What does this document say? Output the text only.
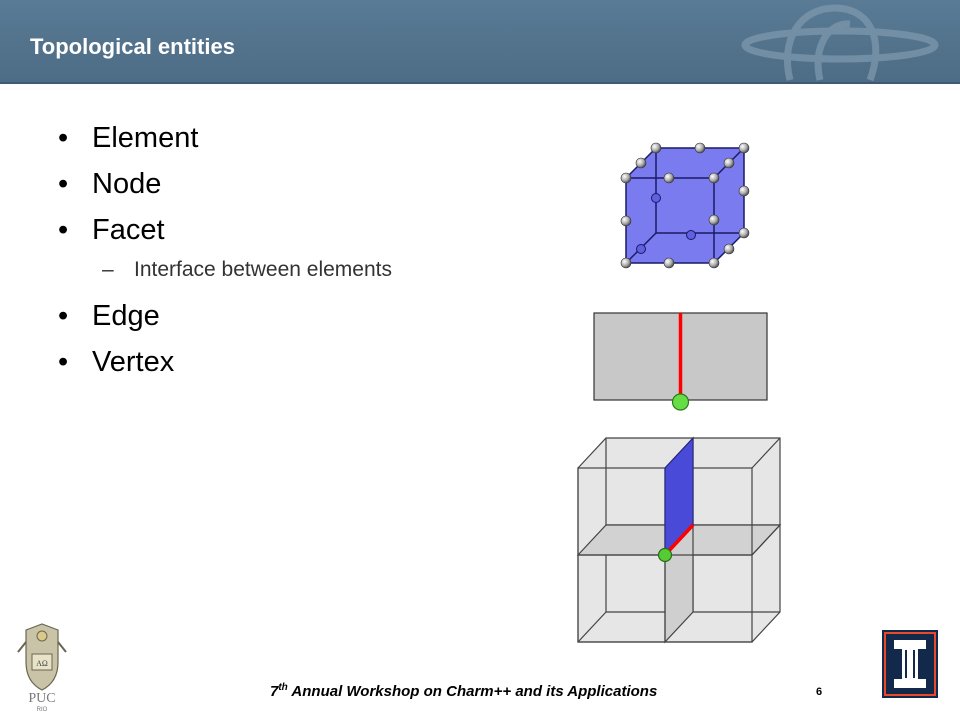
Topological entities
• Element
• Node
• Facet
– Interface between elements
• Edge
• Vertex
ΑΩ
PUC
RIO
7th Annual Workshop on Charm++ and its Applications	6
